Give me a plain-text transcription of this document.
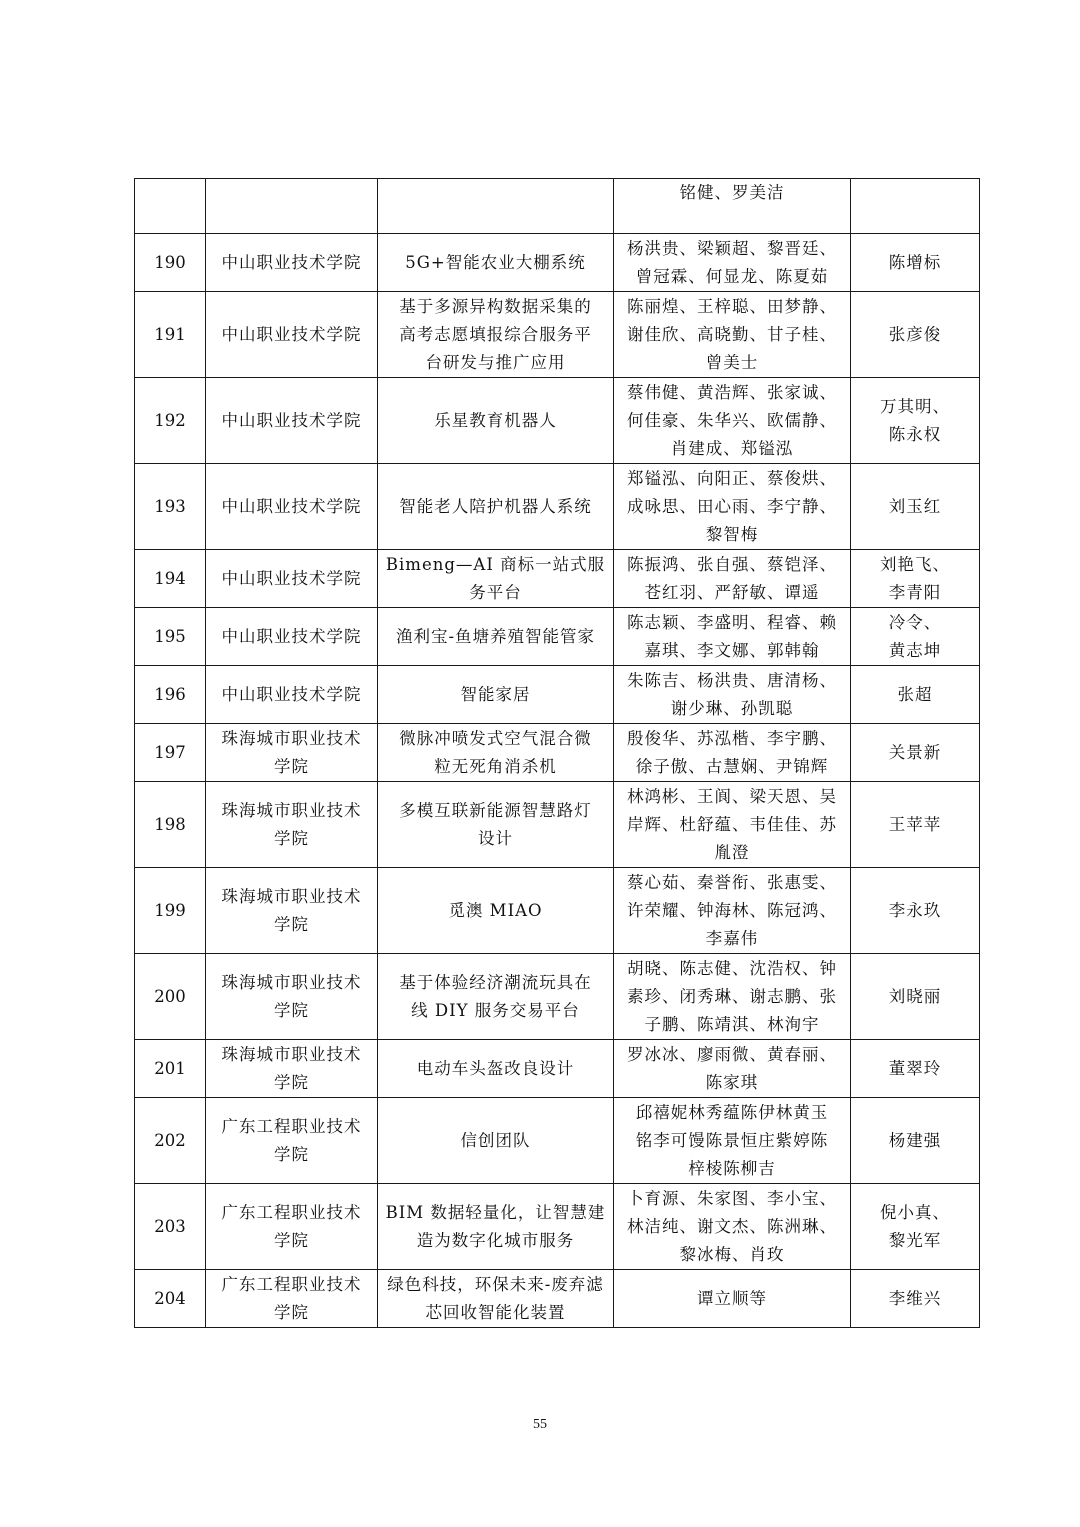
			铭健、罗美洁	
190	中山职业技术学院	5G+智能农业大棚系统	杨洪贵、梁颖超、黎晋廷、
曾冠霖、何显龙、陈夏茹	陈增标
191	中山职业技术学院	基于多源异构数据采集的
高考志愿填报综合服务平
台研发与推广应用	陈丽煌、王梓聪、田梦静、
谢佳欣、高晓勤、甘子桂、
曾美士	张彦俊
192	中山职业技术学院	乐星教育机器人	蔡伟健、黄浩辉、张家诚、
何佳豪、朱华兴、欧儒静、
肖建成、郑镒泓	万其明、
陈永权
193	中山职业技术学院	智能老人陪护机器人系统	郑镒泓、向阳正、蔡俊烘、
成咏思、田心雨、李宁静、
黎智梅	刘玉红
194	中山职业技术学院	Bimeng—AI 商标一站式服
务平台	陈振鸿、张自强、蔡铠泽、
苍红羽、严舒敏、谭遥	刘艳飞、
李青阳
195	中山职业技术学院	渔利宝-鱼塘养殖智能管家	陈志颖、李盛明、程睿、赖
嘉琪、李文娜、郭韩翰	冷令、
黄志坤
196	中山职业技术学院	智能家居	朱陈吉、杨洪贵、唐清杨、
谢少琳、孙凯聪	张超
197	珠海城市职业技术
学院	微脉冲喷发式空气混合微
粒无死角消杀机	殷俊华、苏泓楷、李宇鹏、
徐子傲、古慧娴、尹锦辉	关景新
198	珠海城市职业技术
学院	多模互联新能源智慧路灯
设计	林鸿彬、王阆、梁天恩、吴
岸辉、杜舒蕴、韦佳佳、苏
胤澄	王苹苹
199	珠海城市职业技术
学院	觅澳 MIAO	蔡心茹、秦誉衔、张惠雯、
许荣耀、钟海林、陈冠鸿、
李嘉伟	李永玖
200	珠海城市职业技术
学院	基于体验经济潮流玩具在
线 DIY 服务交易平台	胡晓、陈志健、沈浩权、钟
素珍、闭秀琳、谢志鹏、张
子鹏、陈靖淇、林洵宇	刘晓丽
201	珠海城市职业技术
学院	电动车头盔改良设计	罗冰冰、廖雨微、黄春丽、
陈家琪	董翠玲
202	广东工程职业技术
学院	信创团队	邱禧妮林秀蕴陈伊林黄玉
铭李可馒陈景恒庄紫婷陈
梓棱陈柳吉	杨建强
203	广东工程职业技术
学院	BIM 数据轻量化，让智慧建
造为数字化城市服务	卜育源、朱家图、李小宝、
林洁纯、谢文杰、陈洲琳、
黎冰梅、肖玫	倪小真、
黎光军
204	广东工程职业技术
学院	绿色科技，环保未来-废弃滤
芯回收智能化装置	谭立顺等	李维兴
55
